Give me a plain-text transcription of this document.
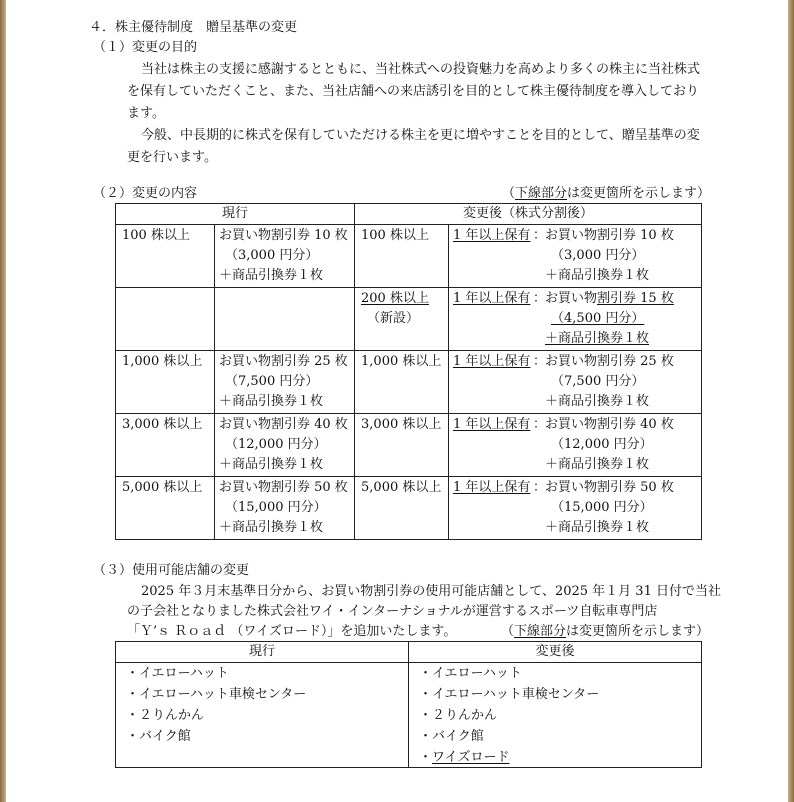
４．株主優待制度　贈呈基準の変更
（１）変更の目的
当社は株主の支援に感謝するとともに、当社株式への投資魅力を高めより多くの株主に当社株式
を保有していただくこと、また、当社店舗への来店誘引を目的として株主優待制度を導入しており
ます。
今般、中長期的に株式を保有していただける株主を更に増やすことを目的として、贈呈基準の変
更を行います。
（２）変更の内容	（下線部分は変更箇所を示します）
現行		変更後（株式分割後）	

100 株以上	お買い物割引券 10 枚
（3,000 円分）
＋商品引換券１枚	100 株以上	1 年以上保有 ：
お買い物割引券 10 枚
（3,000 円分）
＋商品引換券１枚

		200 株以上
（新設）	1 年以上保有 ：
お買い物割引券 15 枚
（4,500 円分）
＋商品引換券１枚

1,000 株以上	お買い物割引券 25 枚
（7,500 円分）
＋商品引換券１枚	1,000 株以上	1 年以上保有 ：
お買い物割引券 25 枚
（7,500 円分）
＋商品引換券１枚

3,000 株以上	お買い物割引券 40 枚
（12,000 円分）
＋商品引換券１枚	3,000 株以上	1 年以上保有 ：
お買い物割引券 40 枚
（12,000 円分）
＋商品引換券１枚

5,000 株以上	お買い物割引券 50 枚
（15,000 円分）
＋商品引換券１枚	5,000 株以上	1 年以上保有 ：
お買い物割引券 50 枚
（15,000 円分）
＋商品引換券１枚
（３）使用可能店舗の変更
2025 年３月末基準日分から、お買い物割引券の使用可能店舗として、2025 年１月 31 日付で当社
の子会社となりました株式会社ワイ・インターナショナルが運営するスポーツ自転車専門店
「Ｙ’ｓ Ｒｏａｄ （ワイズロード）」を追加いたします。	（下線部分は変更箇所を示します）
現行	変更後

・イエローハット
・イエローハット車検センター
・２りんかん
・バイク館	・イエローハット
・イエローハット車検センター
・２りんかん
・バイク館
・ワイズロード
